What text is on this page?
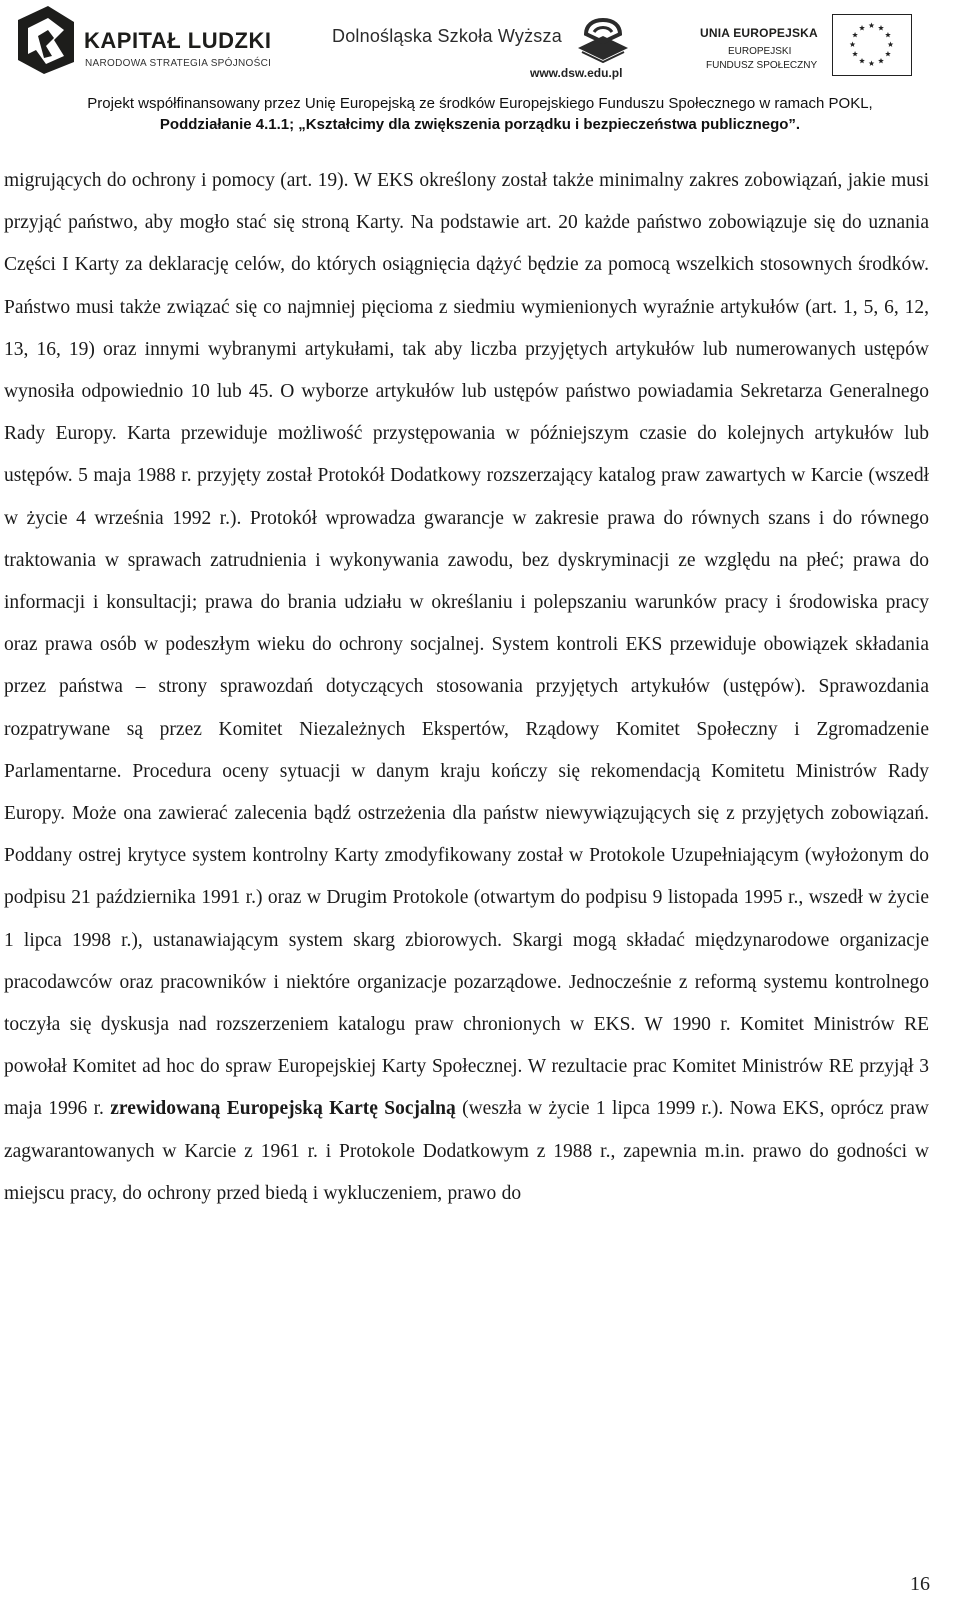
KAPITAŁ LUDZKI
NARODOWA STRATEGIA SPÓJNOŚCI
Dolnośląska Szkoła Wyższa
www.dsw.edu.pl
UNIA EUROPEJSKA
EUROPEJSKI
FUNDUSZ SPOŁECZNY
Projekt współfinansowany przez Unię Europejską ze środków Europejskiego Funduszu Społecznego w ramach POKL,
Poddziałanie 4.1.1; „Kształcimy dla zwiększenia porządku i bezpieczeństwa publicznego”.

migrujących do ochrony i pomocy (art. 19). W EKS określony został także minimalny zakres zobowiązań, jakie musi przyjąć państwo, aby mogło stać się stroną Karty. Na podstawie art. 20 każde państwo zobowiązuje się do uznania Części I Karty za deklarację celów, do których osiągnięcia dążyć będzie za pomocą wszelkich stosownych środków. Państwo musi także związać się co najmniej pięcioma z siedmiu wymienionych wyraźnie artykułów (art. 1, 5, 6, 12, 13, 16, 19) oraz innymi wybranymi artykułami, tak aby liczba przyjętych artykułów lub numerowanych ustępów wynosiła odpowiednio 10 lub 45. O wyborze artykułów lub ustępów państwo powiadamia Sekretarza Generalnego Rady Europy. Karta przewiduje możliwość przystępowania w późniejszym czasie do kolejnych artykułów lub ustępów. 5 maja 1988 r. przyjęty został Protokół Dodatkowy rozszerzający katalog praw zawartych w Karcie (wszedł w życie 4 września 1992 r.). Protokół wprowadza gwarancje w zakresie prawa do równych szans i do równego traktowania w sprawach zatrudnienia i wykonywania zawodu, bez dyskryminacji ze względu na płeć; prawa do informacji i konsultacji; prawa do brania udziału w określaniu i polepszaniu warunków pracy i środowiska pracy oraz prawa osób w podeszłym wieku do ochrony socjalnej. System kontroli EKS przewiduje obowiązek składania przez państwa – strony sprawozdań dotyczących stosowania przyjętych artykułów (ustępów). Sprawozdania rozpatrywane są przez Komitet Niezależnych Ekspertów, Rządowy Komitet Społeczny i Zgromadzenie Parlamentarne. Procedura oceny sytuacji w danym kraju kończy się rekomendacją Komitetu Ministrów Rady Europy. Może ona zawierać zalecenia bądź ostrzeżenia dla państw niewywiązujących się z przyjętych zobowiązań. Poddany ostrej krytyce system kontrolny Karty zmodyfikowany został w Protokole Uzupełniającym (wyłożonym do podpisu 21 października 1991 r.) oraz w Drugim Protokole (otwartym do podpisu 9 listopada 1995 r., wszedł w życie 1 lipca 1998 r.), ustanawiającym system skarg zbiorowych. Skargi mogą składać międzynarodowe organizacje pracodawców oraz pracowników i niektóre organizacje pozarządowe. Jednocześnie z reformą systemu kontrolnego toczyła się dyskusja nad rozszerzeniem katalogu praw chronionych w EKS. W 1990 r. Komitet Ministrów RE powołał Komitet ad hoc do spraw Europejskiej Karty Społecznej. W rezultacie prac Komitet Ministrów RE przyjął 3 maja 1996 r. zrewidowaną Europejską Kartę Socjalną (weszła w życie 1 lipca 1999 r.). Nowa EKS, oprócz praw zagwarantowanych w Karcie z 1961 r. i Protokole Dodatkowym z 1988 r., zapewnia m.in. prawo do godności w miejscu pracy, do ochrony przed biedą i wykluczeniem, prawo do

16
